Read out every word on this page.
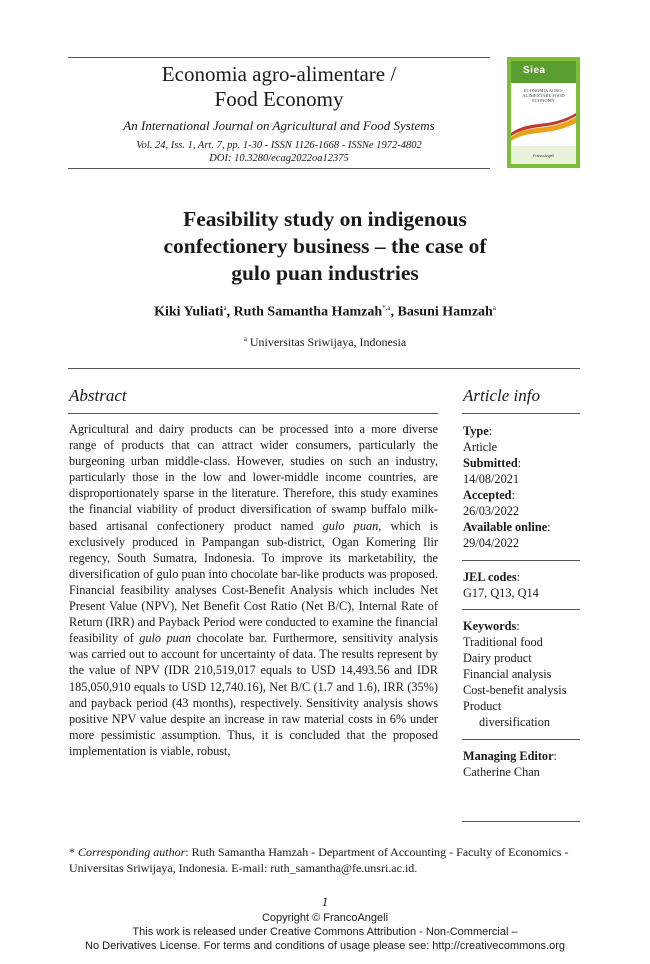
Economia agro-alimentare /
Food Economy
An International Journal on Agricultural and Food Systems
Vol. 24, Iss. 1, Art. 7, pp. 1-30 - ISSN 1126-1668 - ISSNe 1972-4802
DOI: 10.3280/ecag2022oa12375
Siea
ECONOMIA AGRO-ALIMENTARE FOOD ECONOMY
FrancoAngeli
Feasibility study on indigenous
confectionery business – the case of
gulo puan industries
Kiki Yuliati$^a$, Ruth Samantha Hamzah$^{*,a}$, Basuni Hamzah$^a$
$^a$ Universitas Sriwijaya, Indonesia
Abstract

Agricultural and dairy products can be processed into a more diverse range of products that can attract wider consumers, particularly the burgeoning urban middle-class. However, studies on such an industry, particularly those in the low and lower-middle income countries, are disproportionately sparse in the literature. Therefore, this study examines the financial viability of product diversification of swamp buffalo milk-based artisanal confectionery product named gulo puan, which is exclusively produced in Pampangan sub-district, Ogan Komering Ilir regency, South Sumatra, Indonesia. To improve its marketability, the diversification of gulo puan into chocolate bar-like products was proposed. Financial feasibility analyses Cost-Benefit Analysis which includes Net Present Value (NPV), Net Benefit Cost Ratio (Net B/C), Internal Rate of Return (IRR) and Payback Period were conducted to examine the financial feasibility of gulo puan chocolate bar. Furthermore, sensitivity analysis was carried out to account for uncertainty of data. The results represent by the value of NPV (IDR 210,519,017 equals to USD 14,493.56 and IDR 185,050,910 equals to USD 12,740.16), Net B/C (1.7 and 1.6), IRR (35%) and payback period (43 months), respectively. Sensitivity analysis shows positive NPV value despite an increase in raw material costs in 6% under more pessimistic assumption. Thus, it is concluded that the proposed implementation is viable, robust,

Article info
Type:
Article
Submitted:
14/08/2021
Accepted:
26/03/2022
Available online:
29/04/2022
JEL codes:
G17, Q13, Q14
Keywords:
Traditional food
Dairy product
Financial analysis
Cost-benefit analysis
Product
diversification
Managing Editor:
Catherine Chan
* Corresponding author: Ruth Samantha Hamzah - Department of Accounting - Faculty of Economics - Universitas Sriwijaya, Indonesia. E-mail: ruth_samantha@fe.unsri.ac.id.
1
Copyright © FrancoAngeli
This work is released under Creative Commons Attribution - Non-Commercial –
No Derivatives License. For terms and conditions of usage please see: http://creativecommons.org
